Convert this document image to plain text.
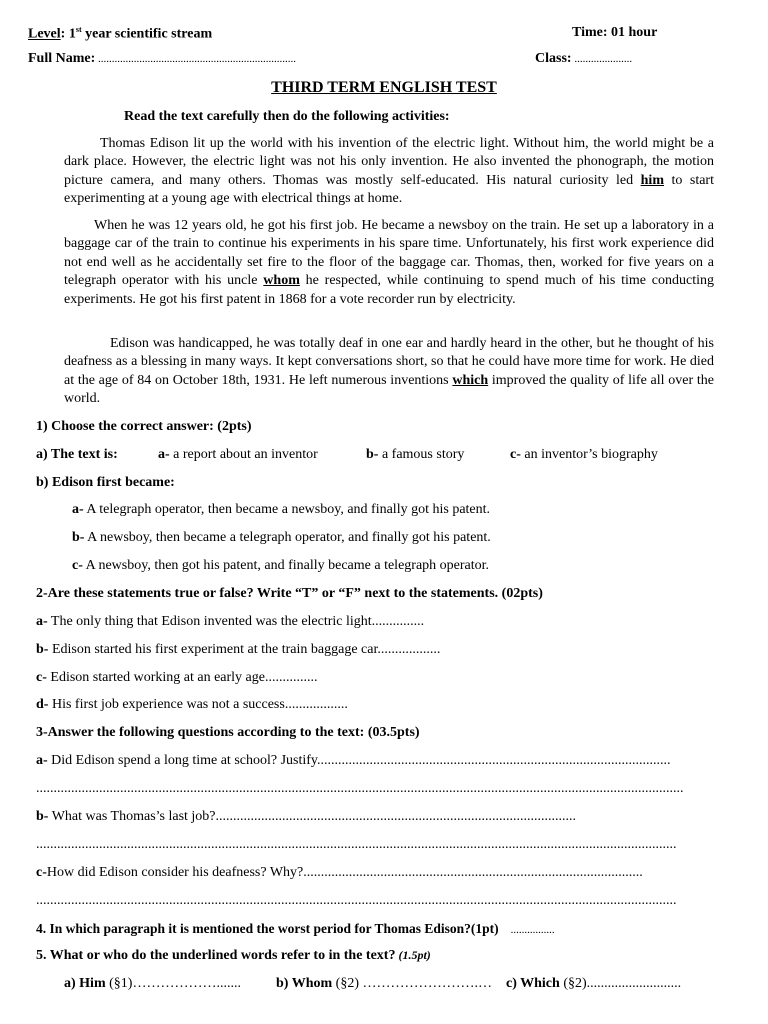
Level: 1st year scientific stream	Time: 01 hour
Full Name: ........................................................................	Class: .....................
THIRD TERM ENGLISH TEST
Read the text carefully then do the following activities:

Thomas Edison lit up the world with his invention of the electric light. Without him, the world might be a dark place. However, the electric light was not his only invention. He also invented the phonograph, the motion picture camera, and many others. Thomas was mostly self-educated. His natural curiosity led him to start experimenting at a young age with electrical things at home.

When he was 12 years old, he got his first job. He became a newsboy on the train. He set up a laboratory in a baggage car of the train to continue his experiments in his spare time. Unfortunately, his first work experience did not end well as he accidentally set fire to the floor of the baggage car. Thomas, then, worked for five years on a telegraph operator with his uncle whom he respected, while continuing to spend much of his time conducting experiments. He got his first patent in 1868 for a vote recorder run by electricity.

Edison was handicapped, he was totally deaf in one ear and hardly heard in the other, but he thought of his deafness as a blessing in many ways. It kept conversations short, so that he could have more time for work. He died at the age of 84 on October 18th, 1931. He left numerous inventions which improved the quality of life all over the world.

1) Choose the correct answer: (2pts)
a) The text is:	a- a report about an inventor	b- a famous story	c- an inventor’s biography
b) Edison first became:
a- A telegraph operator, then became a newsboy, and finally got his patent.
b- A newsboy, then became a telegraph operator, and finally got his patent.
c- A newsboy, then got his patent, and finally became a telegraph operator.
2-Are these statements true or false? Write “T” or “F” next to the statements. (02pts)
a- The only thing that Edison invented was the electric light...............
b- Edison started his first experiment at the train baggage car..................
c- Edison started working at an early age...............
d- His first job experience was not a success..................
3-Answer the following questions according to the text: (03.5pts)
a- Did Edison spend a long time at school? Justify.....................................................................................................
.........................................................................................................................................................................................
b- What was Thomas’s last job?.......................................................................................................
.......................................................................................................................................................................................
c-How did Edison consider his deafness? Why?.................................................................................................
.......................................................................................................................................................................................
4. In which paragraph it is mentioned the worst period for Thomas Edison?(1pt) ................
5. What or who do the underlined words refer to in the text? (1.5pt)
a) Him (§1)……………….......	b) Whom (§2) …………………….… c) Which (§2)...........................
